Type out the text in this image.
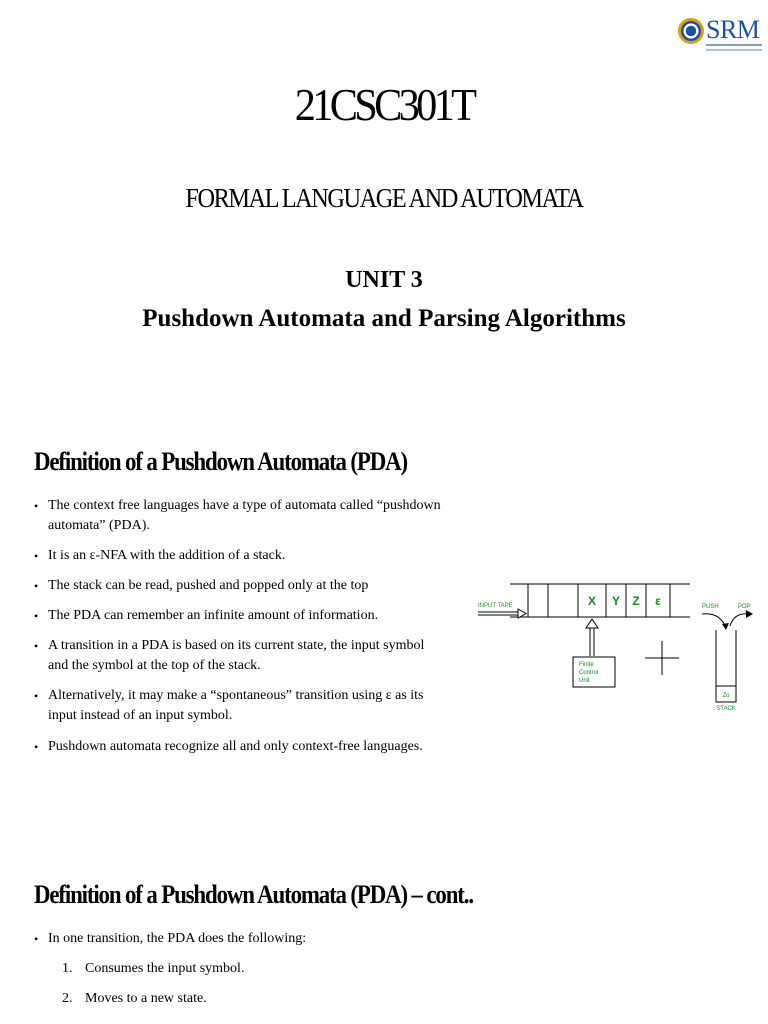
SRM
21CSC301T
FORMAL LANGUAGE AND AUTOMATA
UNIT 3
Pushdown Automata and Parsing Algorithms
Definition of a Pushdown Automata (PDA)
• The context free languages have a type of automata called “pushdown automata” (PDA).
• It is an ε-NFA with the addition of a stack.
• The stack can be read, pushed and popped only at the top
• The PDA can remember an infinite amount of information.
• A transition in a PDA is based on its current state, the input symbol and the symbol at the top of the stack.
• Alternatively, it may make a “spontaneous” transition using ε as its input instead of an input symbol.
• Pushdown automata recognize all and only context-free languages.
X Y Z ε
INPUT TAPE
Finite
Control
Unit
Zo
STACK
PUSH	POP
Definition of a Pushdown Automata (PDA) – cont..
• In one transition, the PDA does the following:
1. Consumes the input symbol.
2. Moves to a new state.
